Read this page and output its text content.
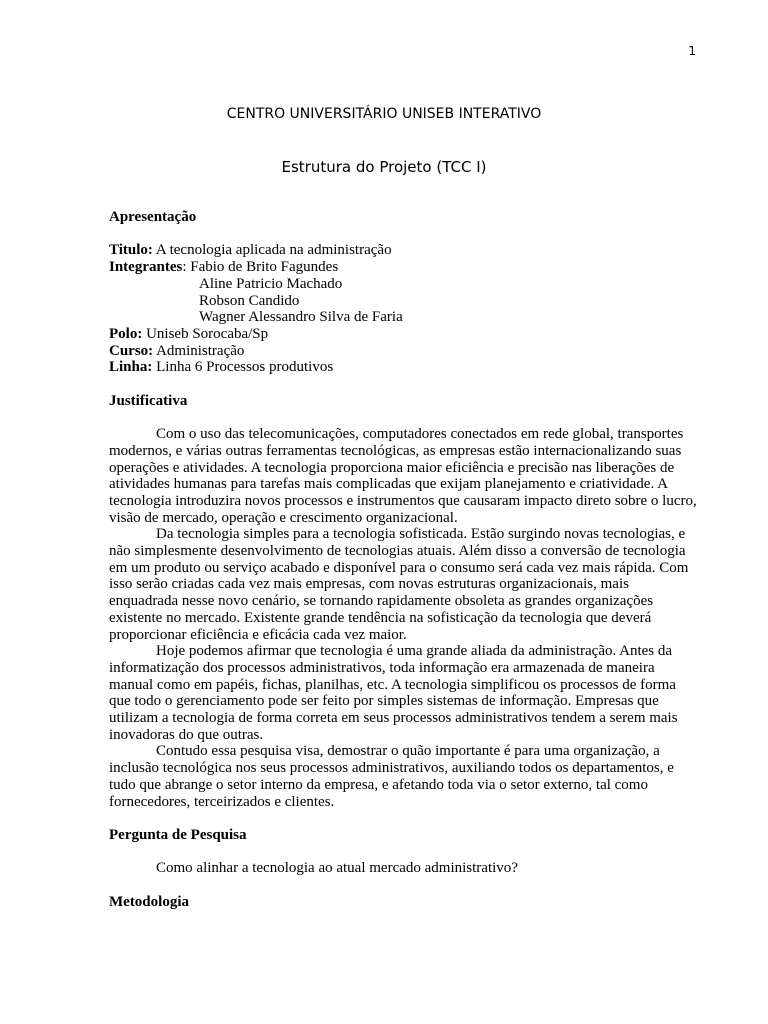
1
CENTRO UNIVERSITÁRIO UNISEB INTERATIVO
Estrutura do Projeto (TCC I)

Apresentação

Titulo: A tecnologia aplicada na administração

Integrantes: Fabio de Brito Fagundes

Aline Patricio Machado

Robson Candido

Wagner Alessandro Silva de Faria

Polo: Uniseb Sorocaba/Sp

Curso: Administração

Linha: Linha 6 Processos produtivos

Justificativa

Com o uso das telecomunicações, computadores conectados em rede global, transportes modernos, e várias outras ferramentas tecnológicas, as empresas estão internacionalizando suas operações e atividades. A tecnologia proporciona maior eficiência e precisão nas liberações de atividades humanas para tarefas mais complicadas que exijam planejamento e criatividade. A tecnologia introduzira novos processos e instrumentos que causaram impacto direto sobre o lucro, visão de mercado, operação e crescimento organizacional.

Da tecnologia simples para a tecnologia sofisticada. Estão surgindo novas tecnologias, e não simplesmente desenvolvimento de tecnologias atuais. Além disso a conversão de tecnologia em um produto ou serviço acabado e disponível para o consumo será cada vez mais rápida. Com isso serão criadas cada vez mais empresas, com novas estruturas organizacionais, mais enquadrada nesse novo cenário, se tornando rapidamente obsoleta as grandes organizações existente no mercado. Existente grande tendência na sofisticação da tecnologia que deverá proporcionar eficiência e eficácia cada vez maior.

Hoje podemos afirmar que tecnologia é uma grande aliada da administração. Antes da informatização dos processos administrativos, toda informação era armazenada de maneira manual como em papéis, fichas, planilhas, etc. A tecnologia simplificou os processos de forma que todo o gerenciamento pode ser feito por simples sistemas de informação. Empresas que utilizam a tecnologia de forma correta em seus processos administrativos tendem a serem mais inovadoras do que outras.

Contudo essa pesquisa visa, demostrar o quão importante é para uma organização, a inclusão tecnológica nos seus processos administrativos, auxiliando todos os departamentos, e tudo que abrange o setor interno da empresa, e afetando toda via o setor externo, tal como fornecedores, terceirizados e clientes.

Pergunta de Pesquisa

Como alinhar a tecnologia ao atual mercado administrativo?

Metodologia
